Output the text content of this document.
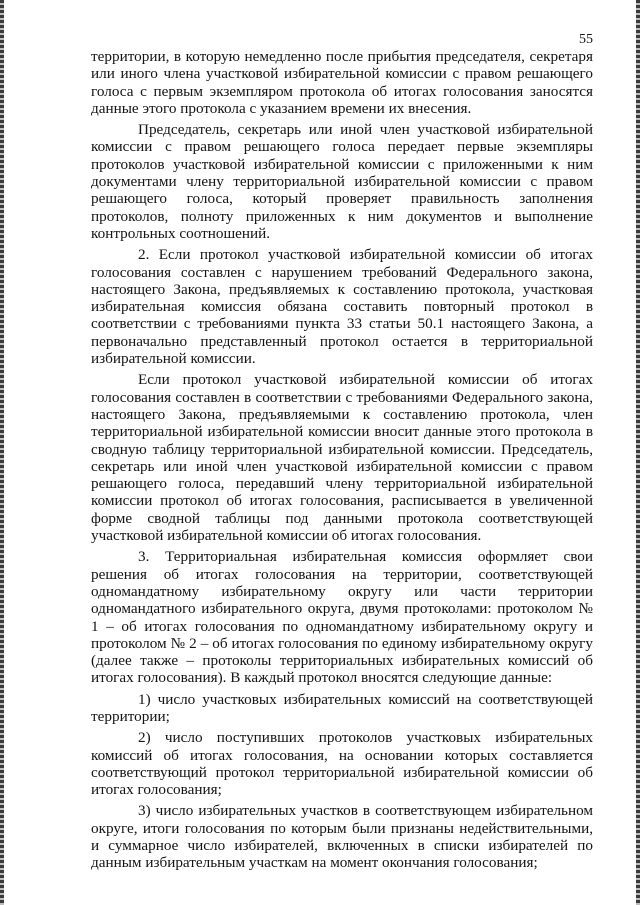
55

территории, в которую немедленно после прибытия председателя, секретаря или иного члена участковой избирательной комиссии с правом решающего голоса с первым экземпляром протокола об итогах голосования заносятся данные этого протокола с указанием времени их внесения.

Председатель, секретарь или иной член участковой избирательной комиссии с правом решающего голоса передает первые экземпляры протоколов участковой избирательной комиссии с приложенными к ним документами члену территориальной избирательной комиссии с правом решающего голоса, который проверяет правильность заполнения протоколов, полноту приложенных к ним документов и выполнение контрольных соотношений.

2. Если протокол участковой избирательной комиссии об итогах голосования составлен с нарушением требований Федерального закона, настоящего Закона, предъявляемых к составлению протокола, участковая избирательная комиссия обязана составить повторный протокол в соответствии с требованиями пункта 33 статьи 50.1 настоящего Закона, а первоначально представленный протокол остается в территориальной избирательной комиссии.

Если протокол участковой избирательной комиссии об итогах голосования составлен в соответствии с требованиями Федерального закона, настоящего Закона, предъявляемыми к составлению протокола, член территориальной избирательной комиссии вносит данные этого протокола в сводную таблицу территориальной избирательной комиссии. Председатель, секретарь или иной член участковой избирательной комиссии с правом решающего голоса, передавший члену территориальной избирательной комиссии протокол об итогах голосования, расписывается в увеличенной форме сводной таблицы под данными протокола соответствующей участковой избирательной комиссии об итогах голосования.

3. Территориальная избирательная комиссия оформляет свои решения об итогах голосования на территории, соответствующей одномандатному избирательному округу или части территории одномандатного избирательного округа, двумя протоколами: протоколом № 1 – об итогах голосования по одномандатному избирательному округу и протоколом № 2 – об итогах голосования по единому избирательному округу (далее также – протоколы территориальных избирательных комиссий об итогах голосования). В каждый протокол вносятся следующие данные:

1) число участковых избирательных комиссий на соответствующей территории;

2) число поступивших протоколов участковых избирательных комиссий об итогах голосования, на основании которых составляется соответствующий протокол территориальной избирательной комиссии об итогах голосования;

3) число избирательных участков в соответствующем избирательном округе, итоги голосования по которым были признаны недействительными, и суммарное число избирателей, включенных в списки избирателей по данным избирательным участкам на момент окончания голосования;
